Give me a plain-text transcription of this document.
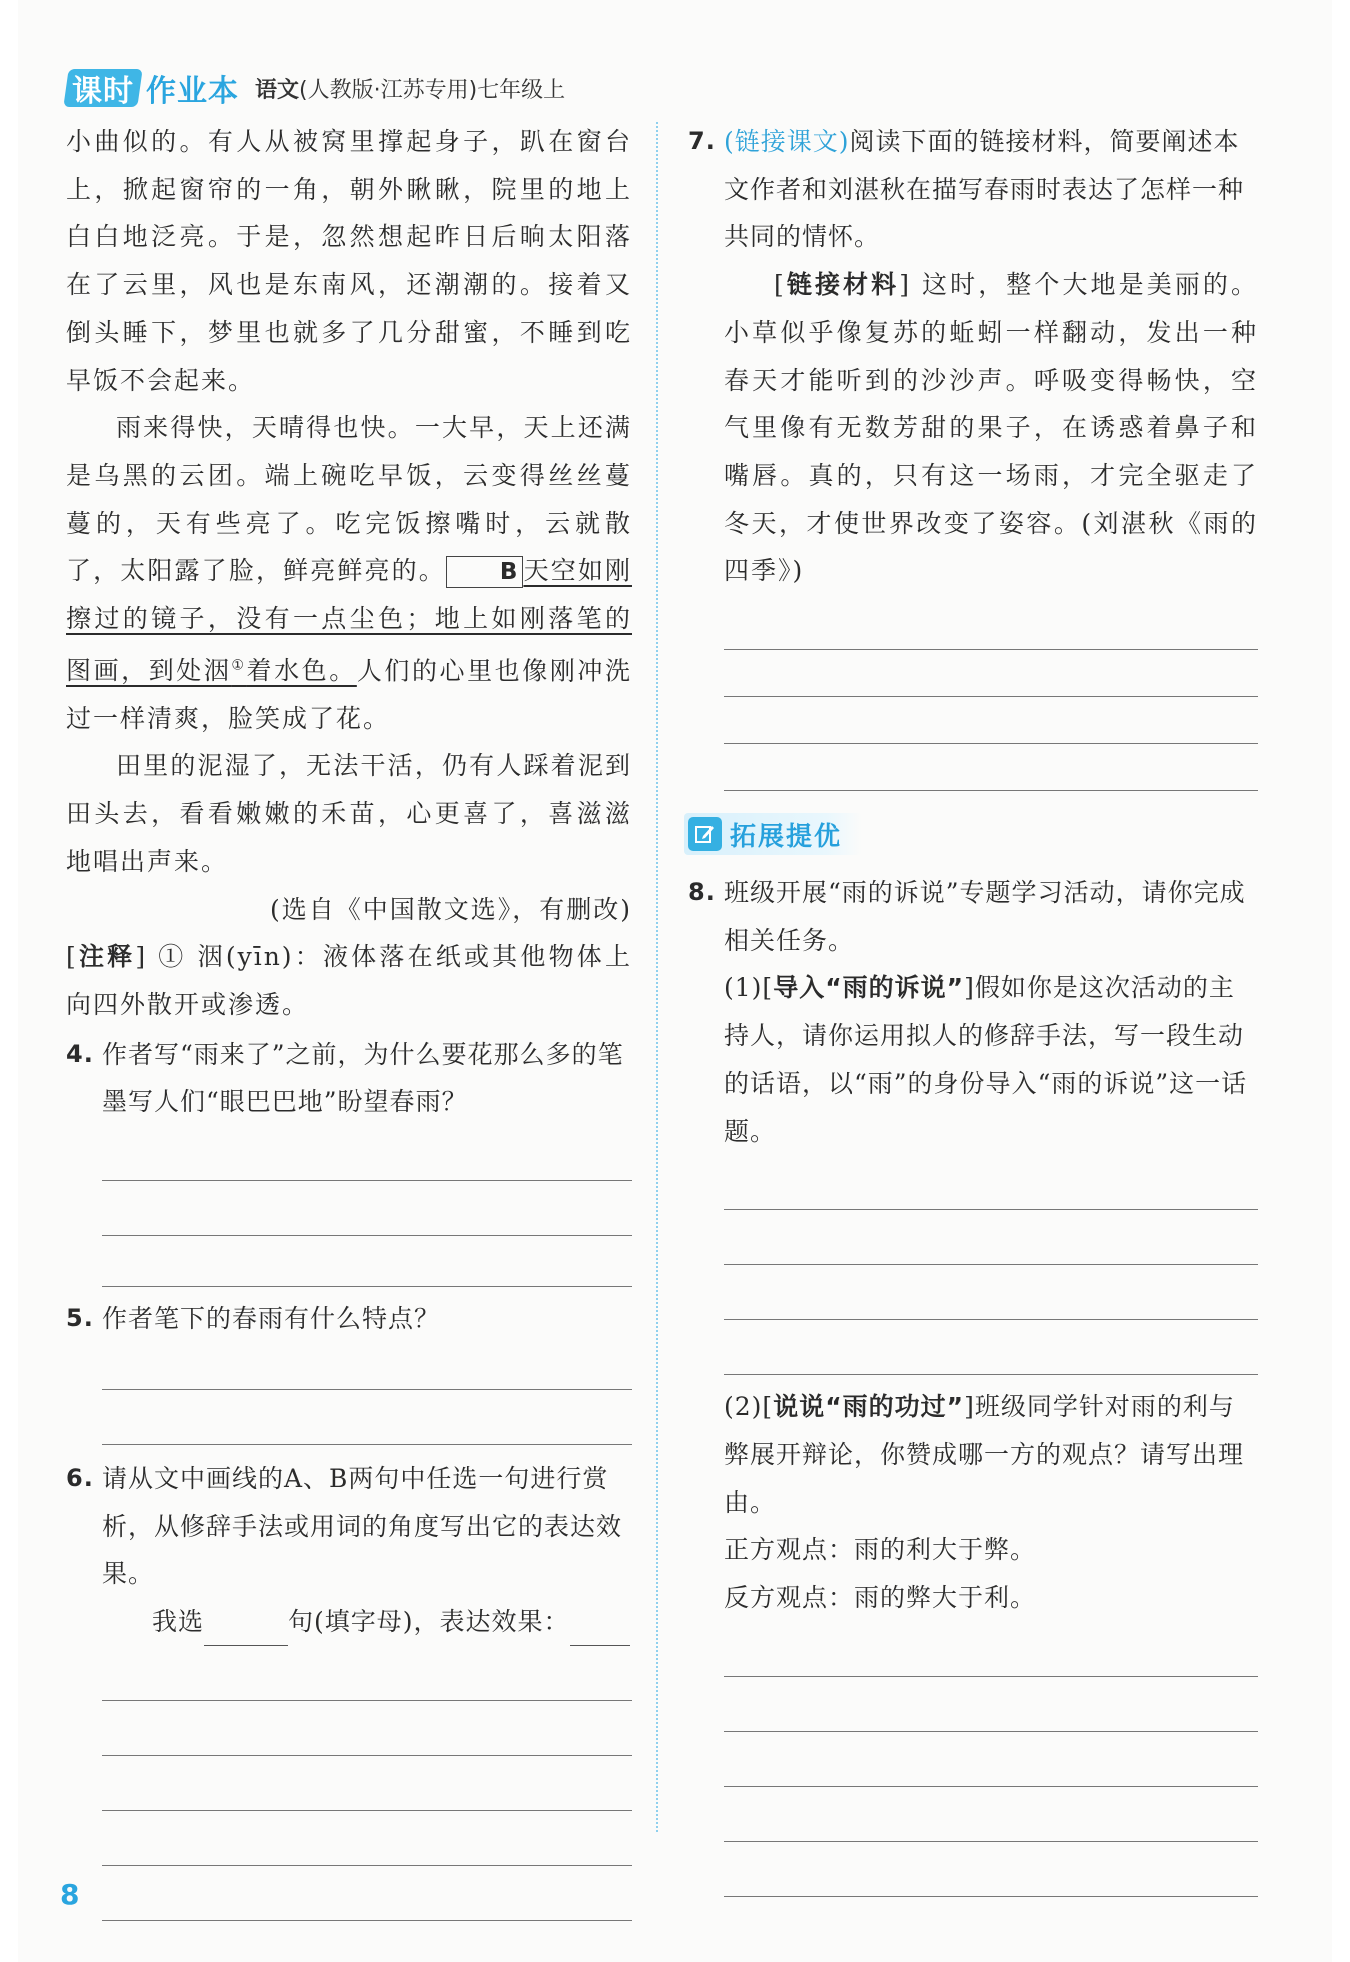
课时 作业本 语文(人教版·江苏专用)七年级上

小曲似的。有人从被窝里撑起身子，趴在窗台上，掀起窗帘的一角，朝外瞅瞅，院里的地上白白地泛亮。于是，忽然想起昨日后晌太阳落在了云里，风也是东南风，还潮潮的。接着又倒头睡下，梦里也就多了几分甜蜜，不睡到吃早饭不会起来。

雨来得快，天晴得也快。一大早，天上还满是乌黑的云团。端上碗吃早饭，云变得丝丝蔓蔓的，天有些亮了。吃完饭擦嘴时，云就散了，太阳露了脸，鲜亮鲜亮的。 B 天空如刚擦过的镜子，没有一点尘色；地上如刚落笔的图画，到处洇①着水色。人们的心里也像刚冲洗过一样清爽，脸笑成了花。

田里的泥湿了，无法干活，仍有人踩着泥到田头去，看看嫩嫩的禾苗，心更喜了，喜滋滋地唱出声来。

(选自《中国散文选》，有删改)

[注释] ① 洇(yīn)：液体落在纸或其他物体上向四外散开或渗透。

4. 作者写“雨来了”之前，为什么要花那么多的笔墨写人们“眼巴巴地”盼望春雨？
5. 作者笔下的春雨有什么特点？
6. 请从文中画线的A、B两句中任选一句进行赏析，从修辞手法或用词的角度写出它的表达效果。

我选	句(填字母)，表达效果：

7. (链接课文)阅读下面的链接材料，简要阐述本文作者和刘湛秋在描写春雨时表达了怎样一种共同的情怀。

[链接材料] 这时，整个大地是美丽的。小草似乎像复苏的蚯蚓一样翻动，发出一种春天才能听到的沙沙声。呼吸变得畅快，空气里像有无数芳甜的果子，在诱惑着鼻子和嘴唇。真的，只有这一场雨，才完全驱走了冬天，才使世界改变了姿容。(刘湛秋《雨的四季》)

拓展提优
8. 班级开展“雨的诉说”专题学习活动，请你完成相关任务。

(1)[导入“雨的诉说”]假如你是这次活动的主持人，请你运用拟人的修辞手法，写一段生动的话语，以“雨”的身份导入“雨的诉说”这一话题。

(2)[说说“雨的功过”]班级同学针对雨的利与弊展开辩论，你赞成哪一方的观点？请写出理由。

正方观点：雨的利大于弊。

反方观点：雨的弊大于利。

8
